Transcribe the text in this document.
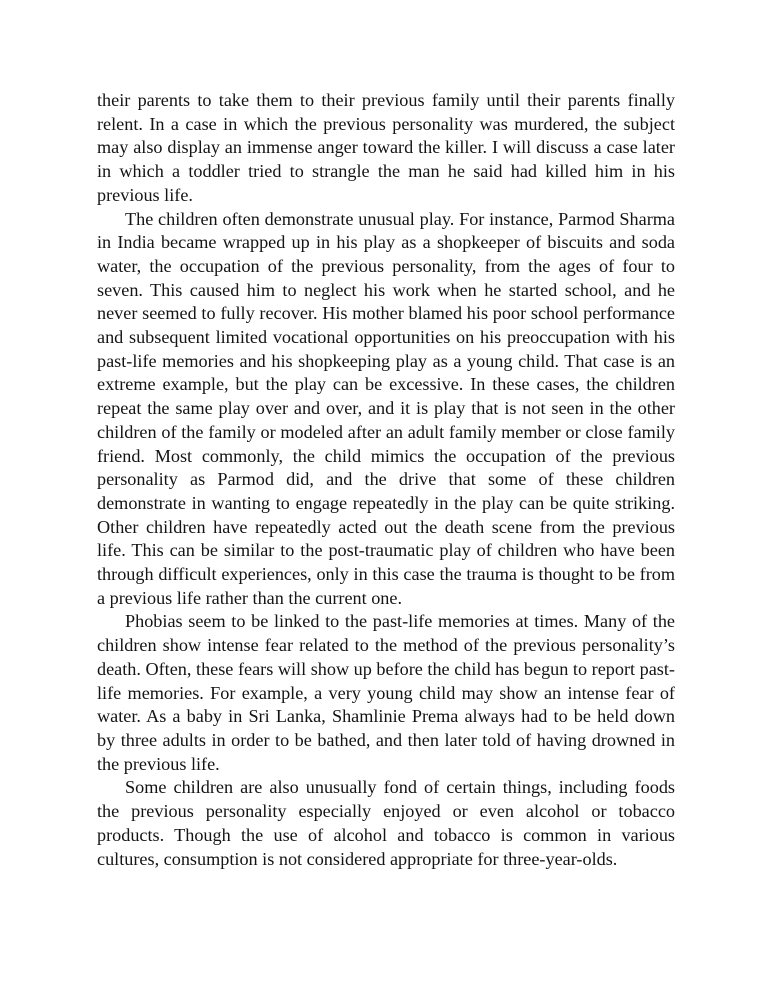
their parents to take them to their previous family until their parents finally relent. In a case in which the previous personality was murdered, the subject may also display an immense anger toward the killer. I will discuss a case later in which a toddler tried to strangle the man he said had killed him in his previous life.

The children often demonstrate unusual play. For instance, Parmod Sharma in India became wrapped up in his play as a shopkeeper of biscuits and soda water, the occupation of the previous personality, from the ages of four to seven. This caused him to neglect his work when he started school, and he never seemed to fully recover. His mother blamed his poor school performance and subsequent limited vocational opportunities on his preoccupation with his past-life memories and his shopkeeping play as a young child. That case is an extreme example, but the play can be excessive. In these cases, the children repeat the same play over and over, and it is play that is not seen in the other children of the family or modeled after an adult family member or close family friend. Most commonly, the child mimics the occupation of the previous personality as Parmod did, and the drive that some of these children demonstrate in wanting to engage repeatedly in the play can be quite striking. Other children have repeatedly acted out the death scene from the previous life. This can be similar to the post-traumatic play of children who have been through difficult experiences, only in this case the trauma is thought to be from a previous life rather than the current one.

Phobias seem to be linked to the past-life memories at times. Many of the children show intense fear related to the method of the previous personality’s death. Often, these fears will show up before the child has begun to report past-life memories. For example, a very young child may show an intense fear of water. As a baby in Sri Lanka, Shamlinie Prema always had to be held down by three adults in order to be bathed, and then later told of having drowned in the previous life.

Some children are also unusually fond of certain things, including foods the previous personality especially enjoyed or even alcohol or tobacco products. Though the use of alcohol and tobacco is common in various cultures, consumption is not considered appropriate for three-year-olds.
